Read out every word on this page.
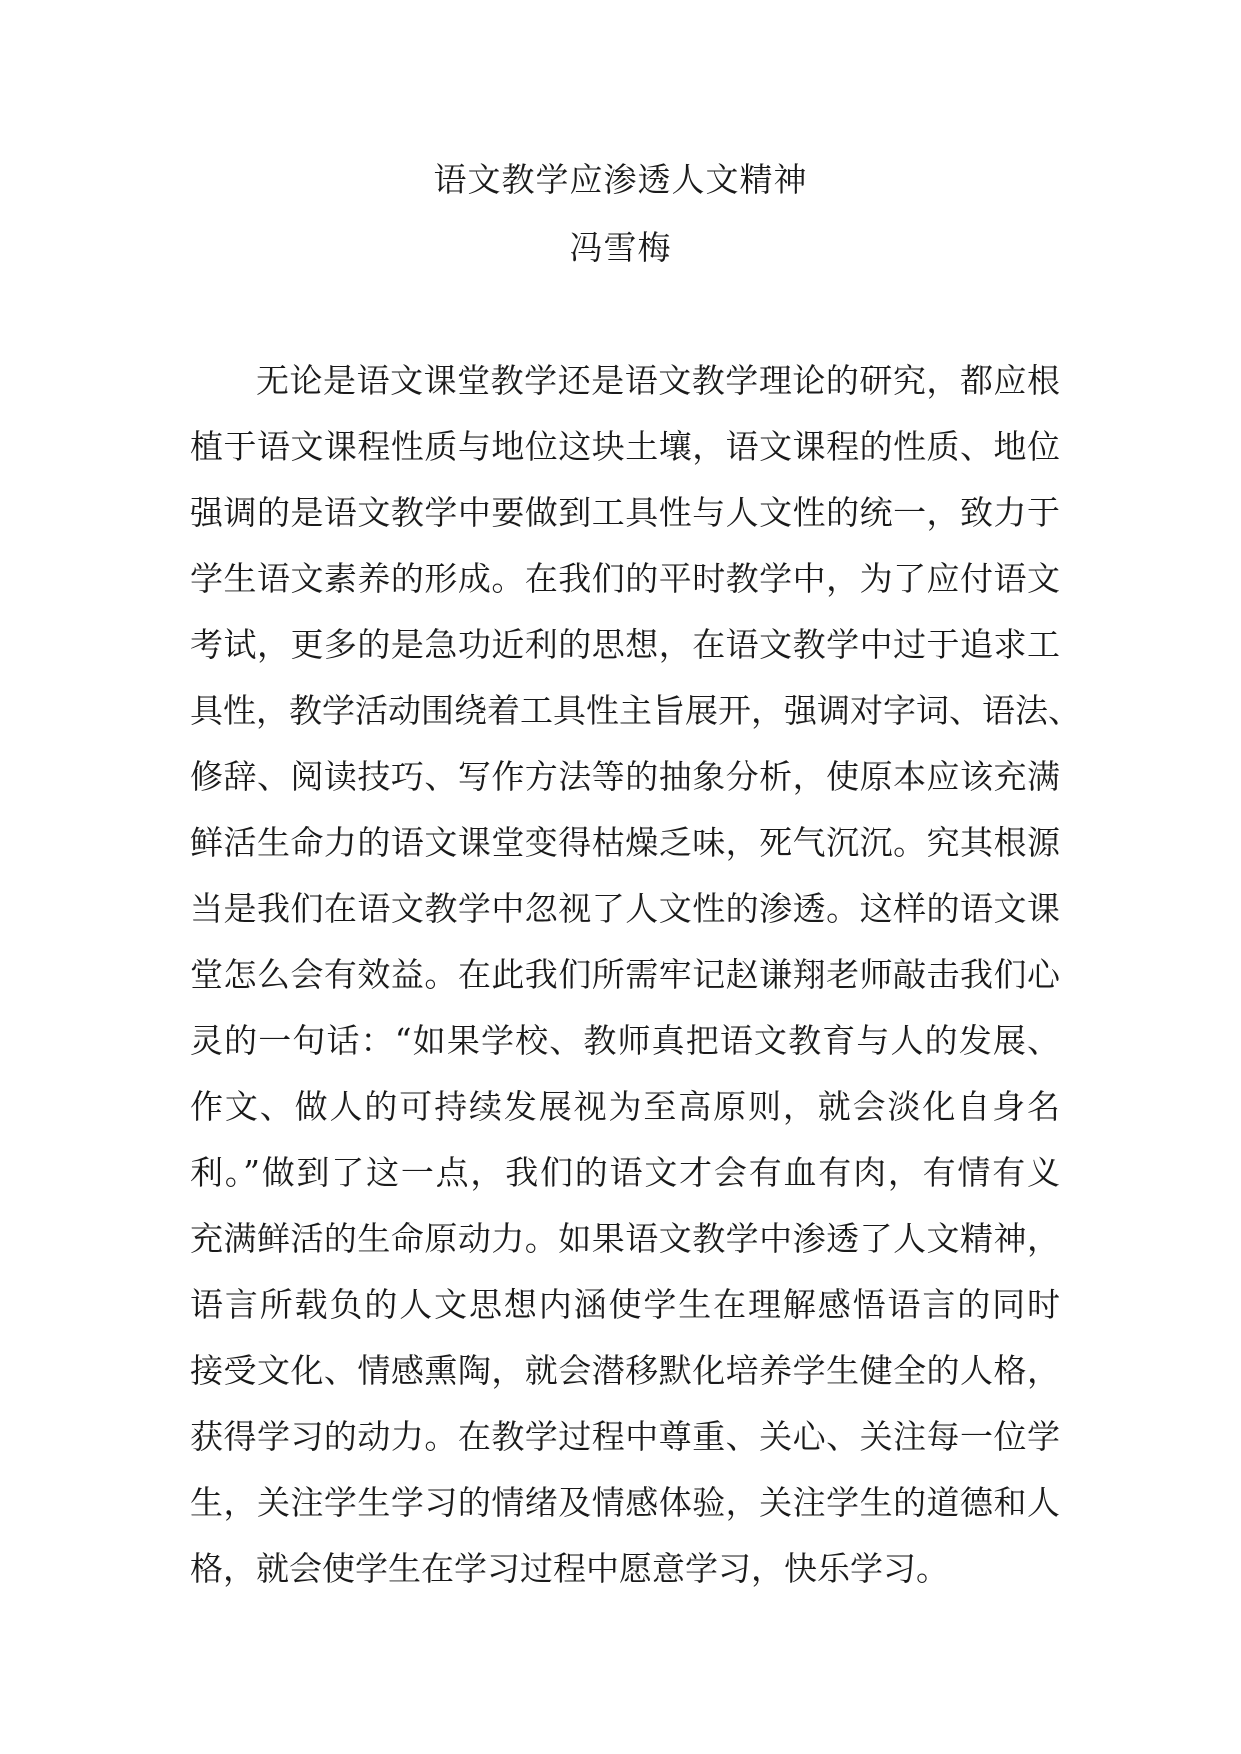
语文教学应渗透人文精神
冯雪梅
无论是语文课堂教学还是语文教学理论的研究，都应根
植于语文课程性质与地位这块土壤，语文课程的性质、地位
强调的是语文教学中要做到工具性与人文性的统一，致力于
学生语文素养的形成。在我们的平时教学中，为了应付语文
考试，更多的是急功近利的思想，在语文教学中过于追求工
具性，教学活动围绕着工具性主旨展开，强调对字词、语法、
修辞、阅读技巧、写作方法等的抽象分析，使原本应该充满
鲜活生命力的语文课堂变得枯燥乏味，死气沉沉。究其根源
当是我们在语文教学中忽视了人文性的渗透。这样的语文课
堂怎么会有效益。在此我们所需牢记赵谦翔老师敲击我们心
灵的一句话：“如果学校、教师真把语文教育与人的发展、
作文、做人的可持续发展视为至高原则，就会淡化自身名
利。”做到了这一点，我们的语文才会有血有肉，有情有义
充满鲜活的生命原动力。如果语文教学中渗透了人文精神，
语言所载负的人文思想内涵使学生在理解感悟语言的同时
接受文化、情感熏陶，就会潜移默化培养学生健全的人格，
获得学习的动力。在教学过程中尊重、关心、关注每一位学
生，关注学生学习的情绪及情感体验，关注学生的道德和人
格，就会使学生在学习过程中愿意学习，快乐学习。
